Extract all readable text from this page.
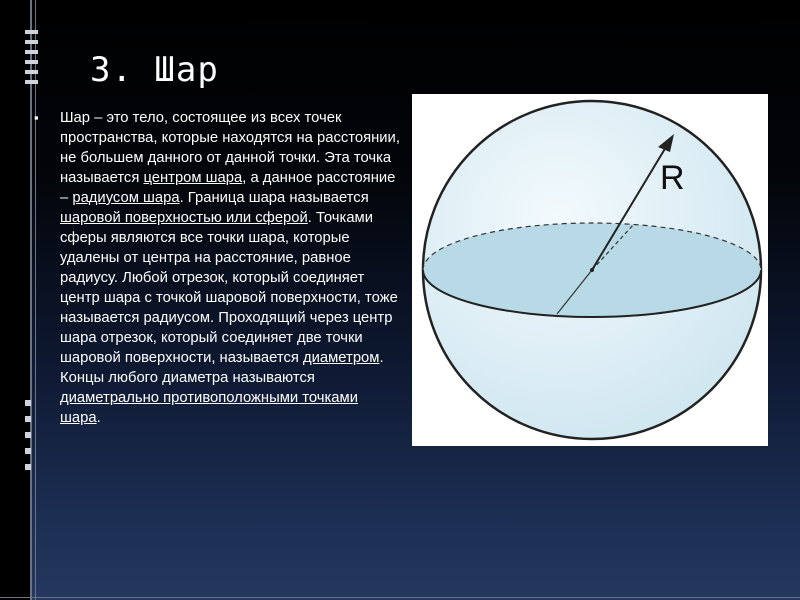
3. Шар
▪ Шар – это тело, состоящее из всех точек пространства, которые находятся на расстоянии, не большем данного от данной точки. Эта точка называется центром шара, а данное расстояние – радиусом шара. Граница шара называется шаровой поверхностью или сферой. Точками сферы являются все точки шара, которые удалены от центра на расстояние, равное радиусу. Любой отрезок, который соединяет центр шара с точкой шаровой поверхности, тоже называется радиусом. Проходящий через центр шара отрезок, который соединяет две точки шаровой поверхности, называется диаметром. Концы любого диаметра называются диаметрально противоположными точками шара.
R
